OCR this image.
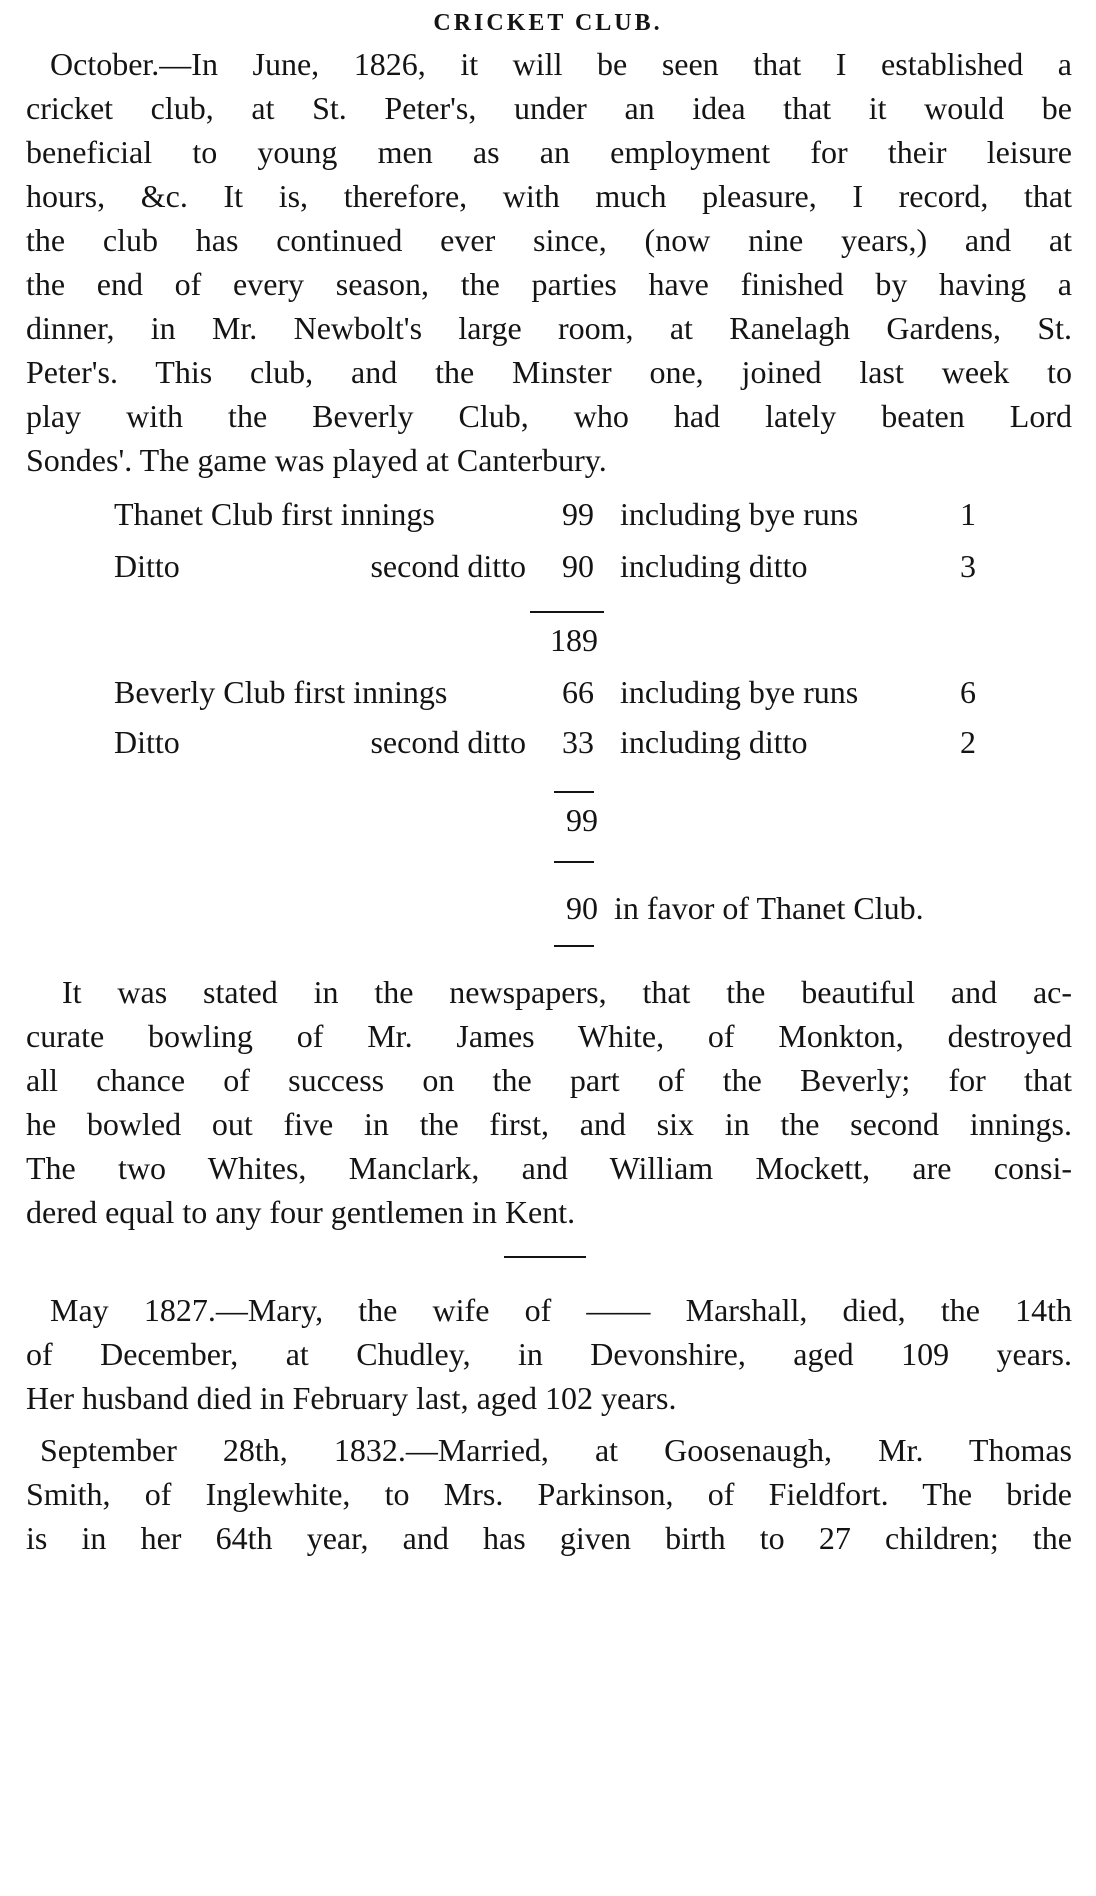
CRICKET CLUB.
October.—In June, 1826, it will be seen that I established a
cricket club, at St. Peter's, under an idea that it would be
beneficial to young men as an employment for their leisure
hours, &c. It is, therefore, with much pleasure, I record, that
the club has continued ever since, (now nine years,) and at
the end of every season, the parties have finished by having a
dinner, in Mr. Newbolt's large room, at Ranelagh Gardens, St.
Peter's. This club, and the Minster one, joined last week to
play with the Beverly Club, who had lately beaten Lord
Sondes'. The game was played at Canterbury.
Thanet Club first innings	99 including bye runs	1
Ditto	second ditto	90 including ditto	3
189
Beverly Club first innings	66 including bye runs	6
Ditto	second ditto	33 including ditto	2
99
90 in favor of Thanet Club.
It was stated in the newspapers, that the beautiful and ac-
curate bowling of Mr. James White, of Monkton, destroyed
all chance of success on the part of the Beverly; for that
he bowled out five in the first, and six in the second innings.
The two Whites, Manclark, and William Mockett, are consi-
dered equal to any four gentlemen in Kent.
May 1827.—Mary, the wife of —— Marshall, died, the 14th
of December, at Chudley, in Devonshire, aged 109 years.
Her husband died in February last, aged 102 years.
September 28th, 1832.—Married, at Goosenaugh, Mr. Thomas
Smith, of Inglewhite, to Mrs. Parkinson, of Fieldfort. The bride
is in her 64th year, and has given birth to 27 children; the
